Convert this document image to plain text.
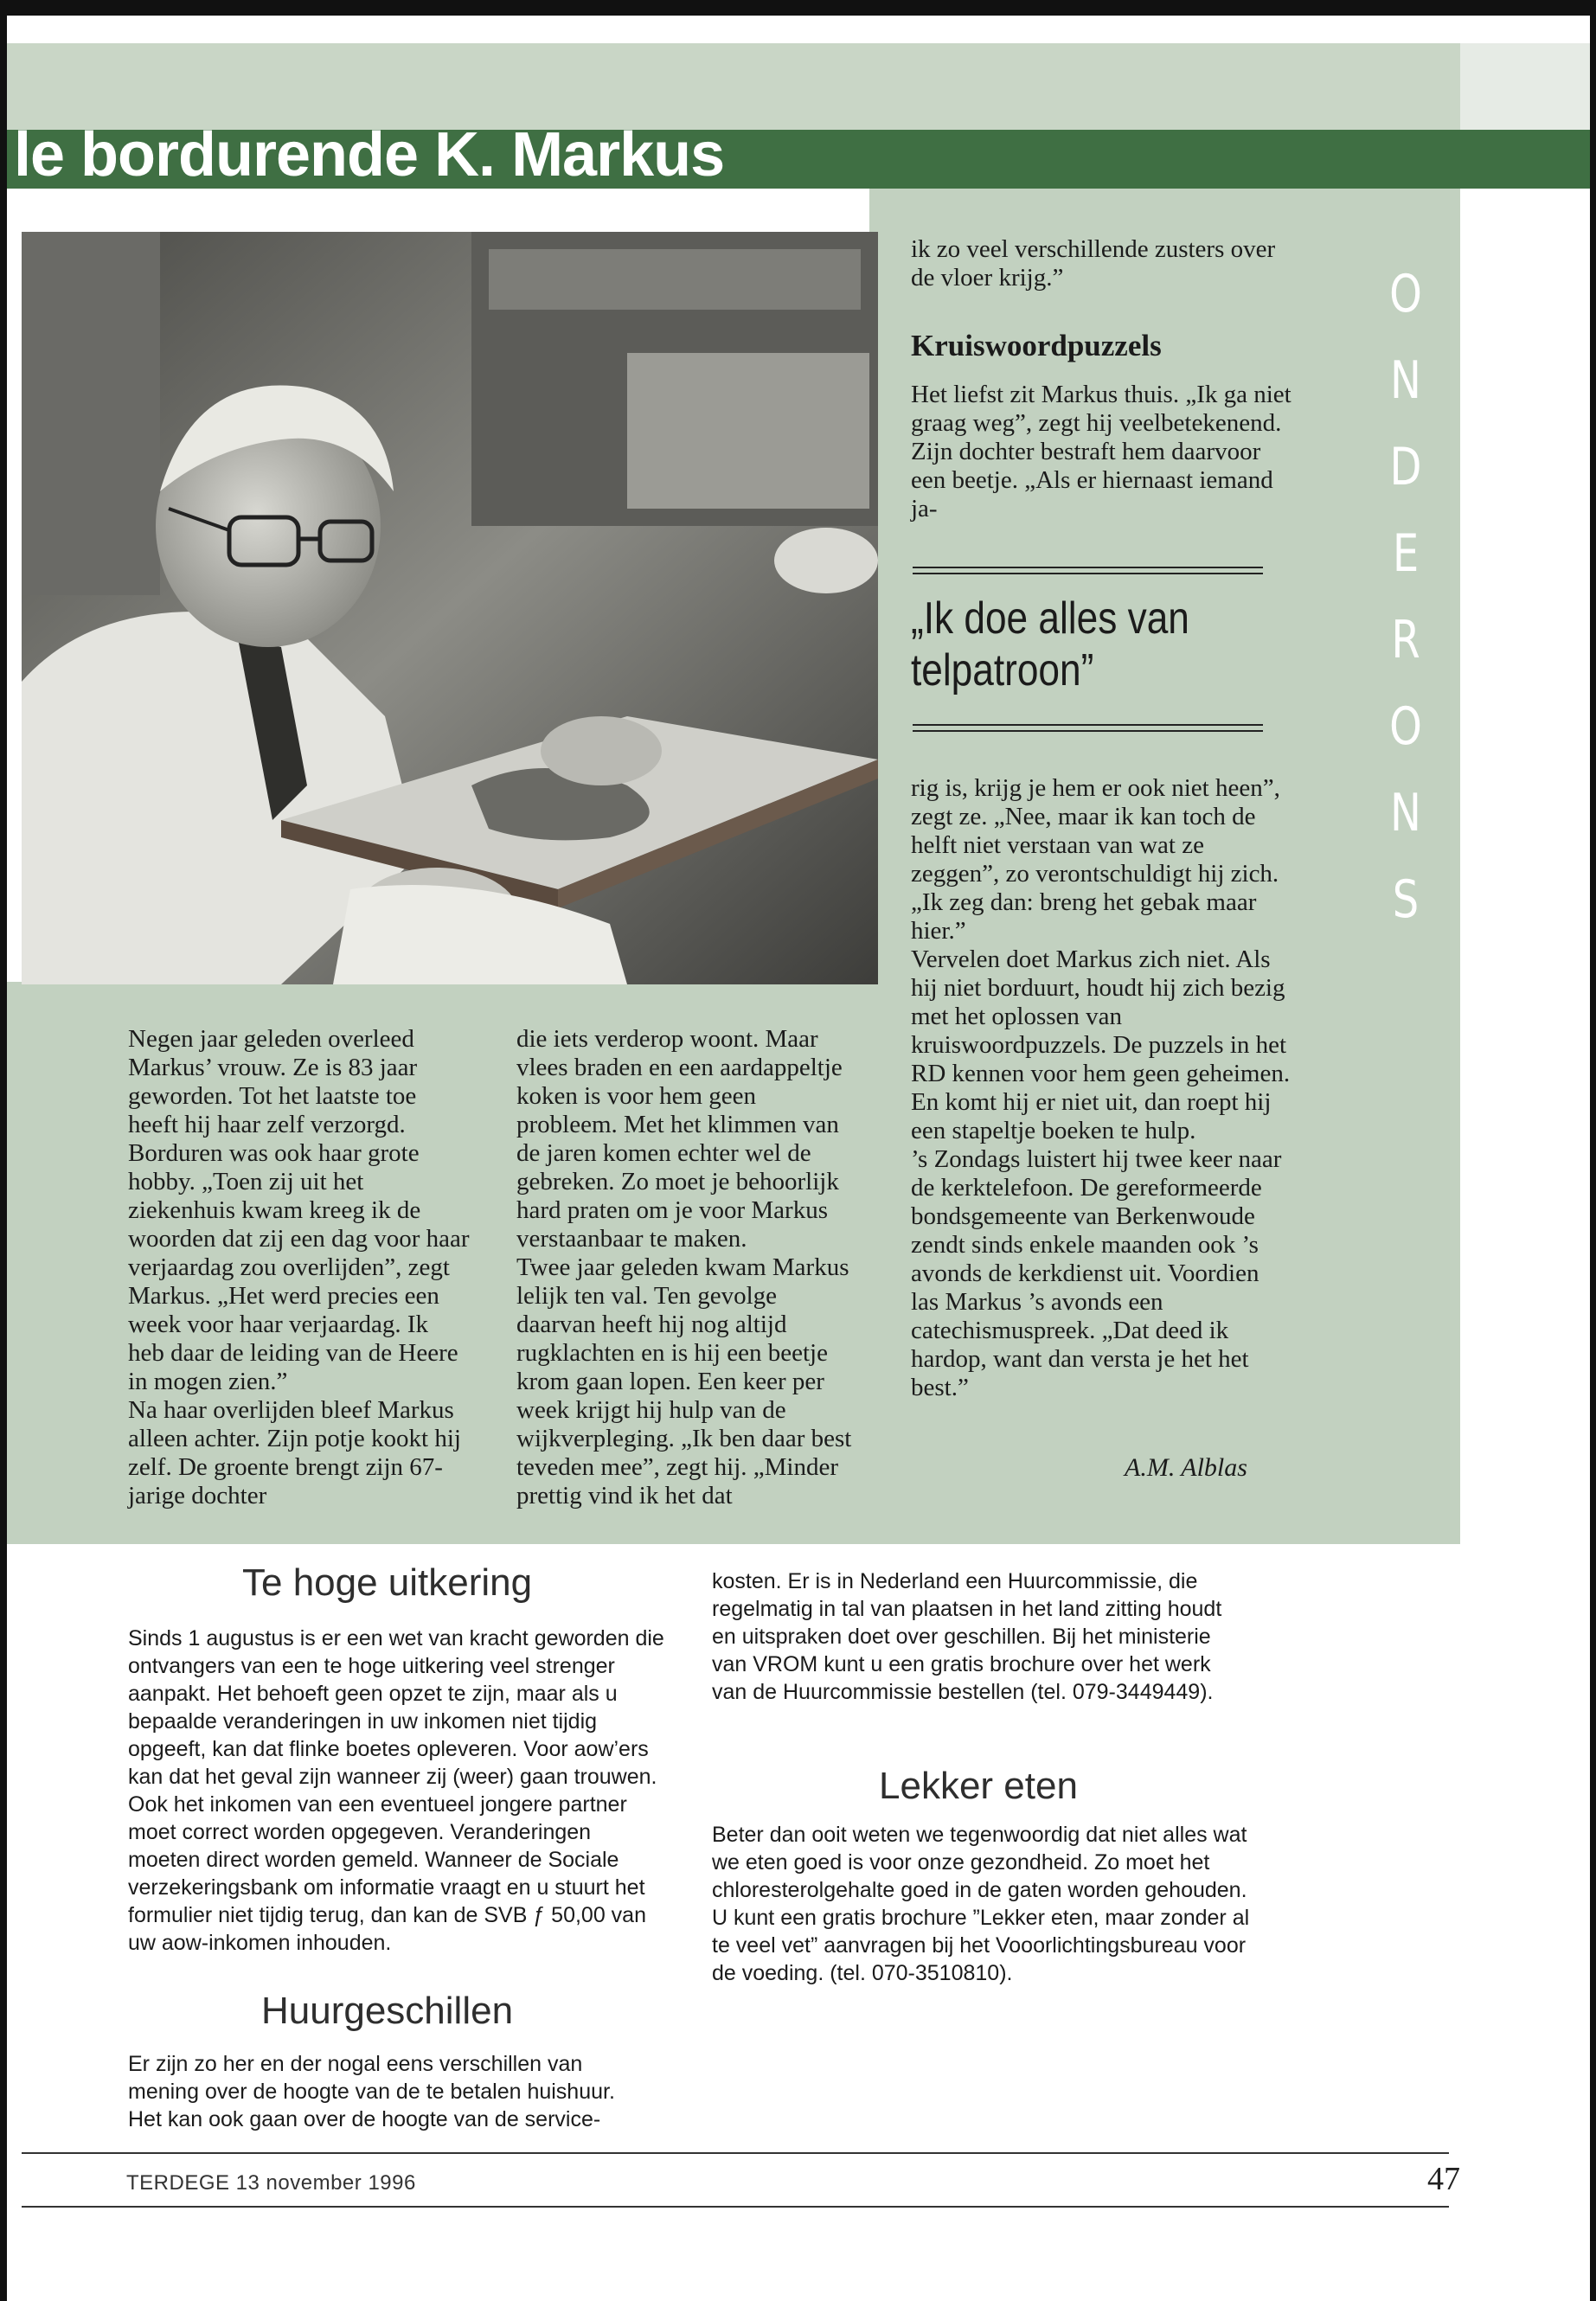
le bordurende K. Markus
O
N
D
E
R
O
N
S
ik zo veel verschillende zusters over de vloer krijg.”
Kruiswoordpuzzels
Het liefst zit Markus thuis. „Ik ga niet graag weg”, zegt hij veelbetekenend. Zijn dochter bestraft hem daarvoor een beetje. „Als er hiernaast iemand ja-
„Ik doe alles van telpatroon”

Negen jaar geleden overleed Markus’ vrouw. Ze is 83 jaar geworden. Tot het laatste toe heeft hij haar zelf verzorgd. Borduren was ook haar grote hobby. „Toen zij uit het ziekenhuis kwam kreeg ik de woorden dat zij een dag voor haar verjaardag zou overlijden”, zegt Markus. „Het werd precies een week voor haar verjaardag. Ik heb daar de leiding van de Heere in mogen zien.”

Na haar overlijden bleef Markus alleen achter. Zijn potje kookt hij zelf. De groente brengt zijn 67-jarige dochter

die iets verderop woont. Maar vlees braden en een aardappeltje koken is voor hem geen probleem. Met het klimmen van de jaren komen echter wel de gebreken. Zo moet je behoorlijk hard praten om je voor Markus verstaanbaar te maken.

Twee jaar geleden kwam Markus lelijk ten val. Ten gevolge daarvan heeft hij nog altijd rugklachten en is hij een beetje krom gaan lopen. Een keer per week krijgt hij hulp van de wijkverpleging. „Ik ben daar best teveden mee”, zegt hij. „Minder prettig vind ik het dat

rig is, krijg je hem er ook niet heen”, zegt ze. „Nee, maar ik kan toch de helft niet verstaan van wat ze zeggen”, zo verontschuldigt hij zich. „Ik zeg dan: breng het gebak maar hier.”

Vervelen doet Markus zich niet. Als hij niet borduurt, houdt hij zich bezig met het oplossen van kruiswoordpuzzels. De puzzels in het RD kennen voor hem geen geheimen. En komt hij er niet uit, dan roept hij een stapeltje boeken te hulp.

’s Zondags luistert hij twee keer naar de kerktelefoon. De gereformeerde bondsgemeente van Berkenwoude zendt sinds enkele maanden ook ’s avonds de kerkdienst uit. Voordien las Markus ’s avonds een catechismuspreek. „Dat deed ik hardop, want dan versta je het het best.”

A.M. Alblas
Te hoge uitkering
Sinds 1 augustus is er een wet van kracht geworden die ontvangers van een te hoge uitkering veel strenger aanpakt. Het behoeft geen opzet te zijn, maar als u bepaalde veranderingen in uw inkomen niet tijdig opgeeft, kan dat flinke boetes opleveren. Voor aow’ers kan dat het geval zijn wanneer zij (weer) gaan trouwen. Ook het inkomen van een eventueel jongere partner moet correct worden opgegeven. Veranderingen moeten direct worden gemeld. Wanneer de Sociale verzekeringsbank om informatie vraagt en u stuurt het formulier niet tijdig terug, dan kan de SVB ƒ 50,00 van uw aow-inkomen inhouden.
Huurgeschillen
Er zijn zo her en der nogal eens verschillen van mening over de hoogte van de te betalen huishuur. Het kan ook gaan over de hoogte van de service-
kosten. Er is in Nederland een Huurcommissie, die regelmatig in tal van plaatsen in het land zitting houdt en uitspraken doet over geschillen. Bij het ministerie van VROM kunt u een gratis brochure over het werk van de Huurcommissie bestellen (tel. 079-3449449).
Lekker eten
Beter dan ooit weten we tegenwoordig dat niet alles wat we eten goed is voor onze gezondheid. Zo moet het chloresterolgehalte goed in de gaten worden gehouden. U kunt een gratis brochure ”Lekker eten, maar zonder al te veel vet” aanvragen bij het Vooorlichtingsbureau voor de voeding. (tel. 070-3510810).
TERDEGE 13 november 1996	47
